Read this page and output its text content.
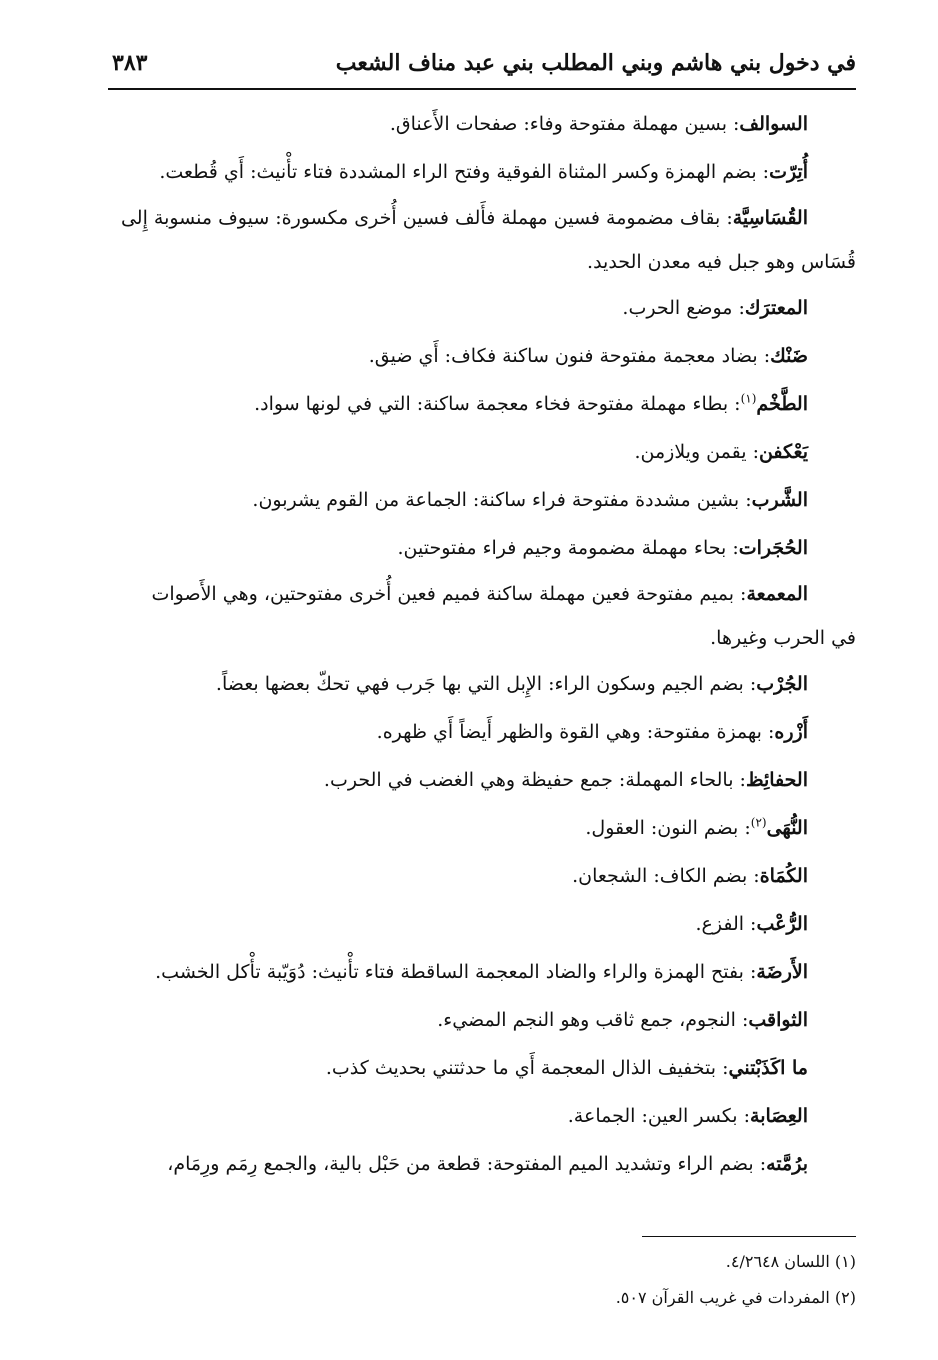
في دخول بني هاشم وبني المطلب بني عبد مناف الشعب
٣٨٣

السوالف: بسين مهملة مفتوحة وفاء: صفحات الأَعناق.

أُتِرّت: بضم الهمزة وكسر المثناة الفوقية وفتح الراء المشددة فتاء تأْنيث: أَي قُطعت.

القُسَاسِيَّة: بقاف مضمومة فسين مهملة فأَلف فسين أُخرى مكسورة: سيوف منسوبة إِلى
قُسَاس وهو جبل فيه معدن الحديد.

المعترَك: موضع الحرب.

ضَنْك: بضاد معجمة مفتوحة فنون ساكنة فكاف: أَي ضيق.

الطَّخْم$^{(١)}$: بطاء مهملة مفتوحة فخاء معجمة ساكنة: التي في لونها سواد.

يَعْكفن: يقمن ويلازمن.

الشَّرب: بشين مشددة مفتوحة فراء ساكنة: الجماعة من القوم يشربون.

الحُجَرات: بحاء مهملة مضمومة وجيم فراء مفتوحتين.

المعمعة: بميم مفتوحة فعين مهملة ساكنة فميم فعين أُخرى مفتوحتين، وهي الأَصوات
في الحرب وغيرها.

الجُرْب: بضم الجيم وسكون الراء: الإِبل التي بها جَرب فهي تحكّ بعضها بعضاً.

أَزْره: بهمزة مفتوحة: وهي القوة والظهر أَيضاً أَي ظهره.

الحفائِظ: بالحاء المهملة: جمع حفيظة وهي الغضب في الحرب.

النُّهَى$^{(٢)}$: بضم النون: العقول.

الكُمَاة: بضم الكاف: الشجعان.

الرُّعْب: الفزع.

الأَرضَة: بفتح الهمزة والراء والضاد المعجمة الساقطة فتاء تأْنيث: دُوَيّبة تأْكل الخشب.

الثواقب: النجوم، جمع ثاقب وهو النجم المضيء.

ما اكَذَبْتني: بتخفيف الذال المعجمة أَي ما حدثتني بحديث كذب.

العِصَابة: بكسر العين: الجماعة.

برُمَّته: بضم الراء وتشديد الميم المفتوحة: قطعة من حَبْل بالية، والجمع رِمَم ورِمَام،

(١) اللسان ٤/٢٦٤٨.

(٢) المفردات في غريب القرآن ٥٠٧.
